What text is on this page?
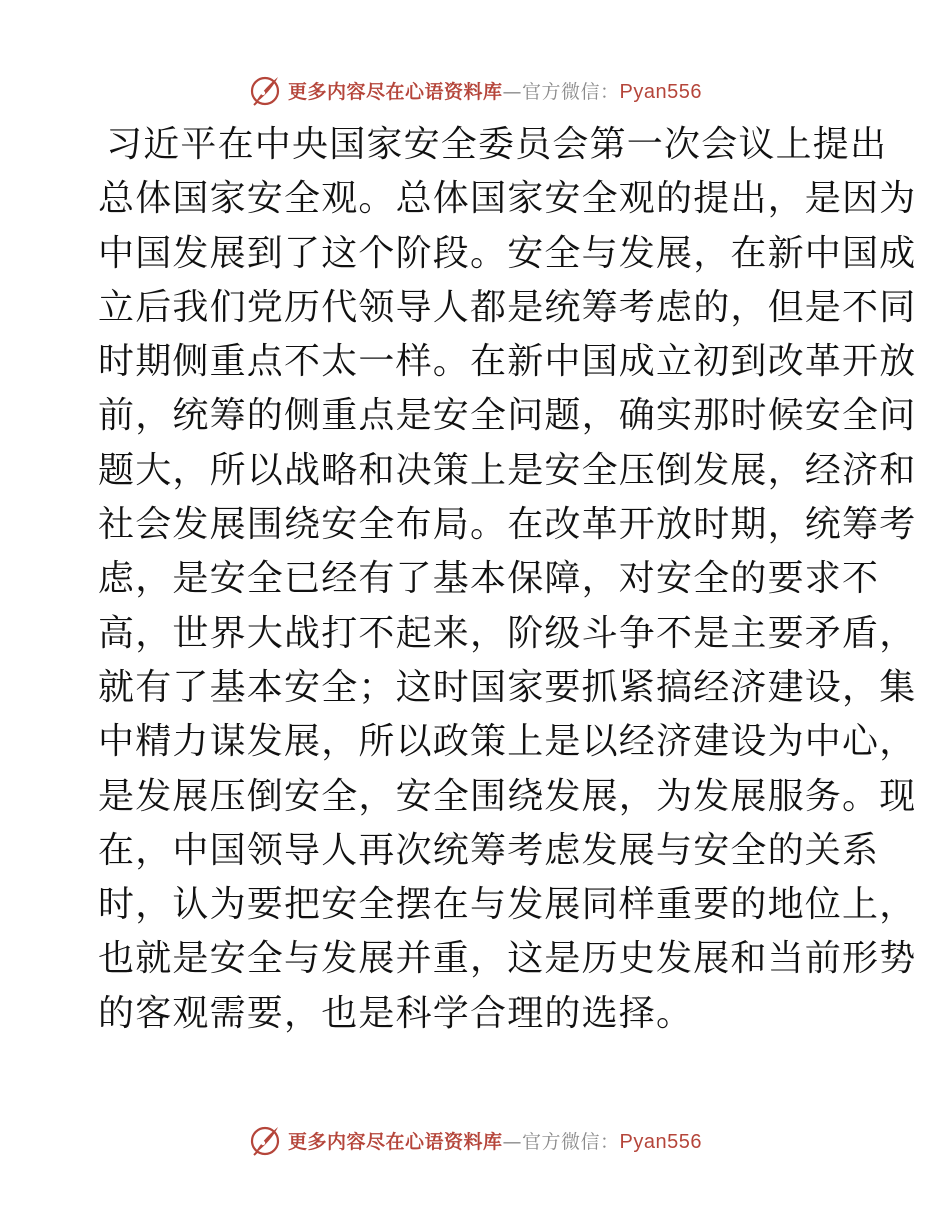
更多内容尽在心语资料库 — 官方微信： Pyan556
习近平在中央国家安全委员会第一次会议上提出
总体国家安全观。总体国家安全观的提出，是因为
中国发展到了这个阶段。安全与发展，在新中国成
立后我们党历代领导人都是统筹考虑的，但是不同
时期侧重点不太一样。在新中国成立初到改革开放
前，统筹的侧重点是安全问题，确实那时候安全问
题大，所以战略和决策上是安全压倒发展，经济和
社会发展围绕安全布局。在改革开放时期，统筹考
虑，是安全已经有了基本保障，对安全的要求不
高，世界大战打不起来，阶级斗争不是主要矛盾，
就有了基本安全；这时国家要抓紧搞经济建设，集
中精力谋发展，所以政策上是以经济建设为中心，
是发展压倒安全，安全围绕发展，为发展服务。现
在，中国领导人再次统筹考虑发展与安全的关系
时，认为要把安全摆在与发展同样重要的地位上，
也就是安全与发展并重，这是历史发展和当前形势
的客观需要，也是科学合理的选择。
更多内容尽在心语资料库 — 官方微信： Pyan556
